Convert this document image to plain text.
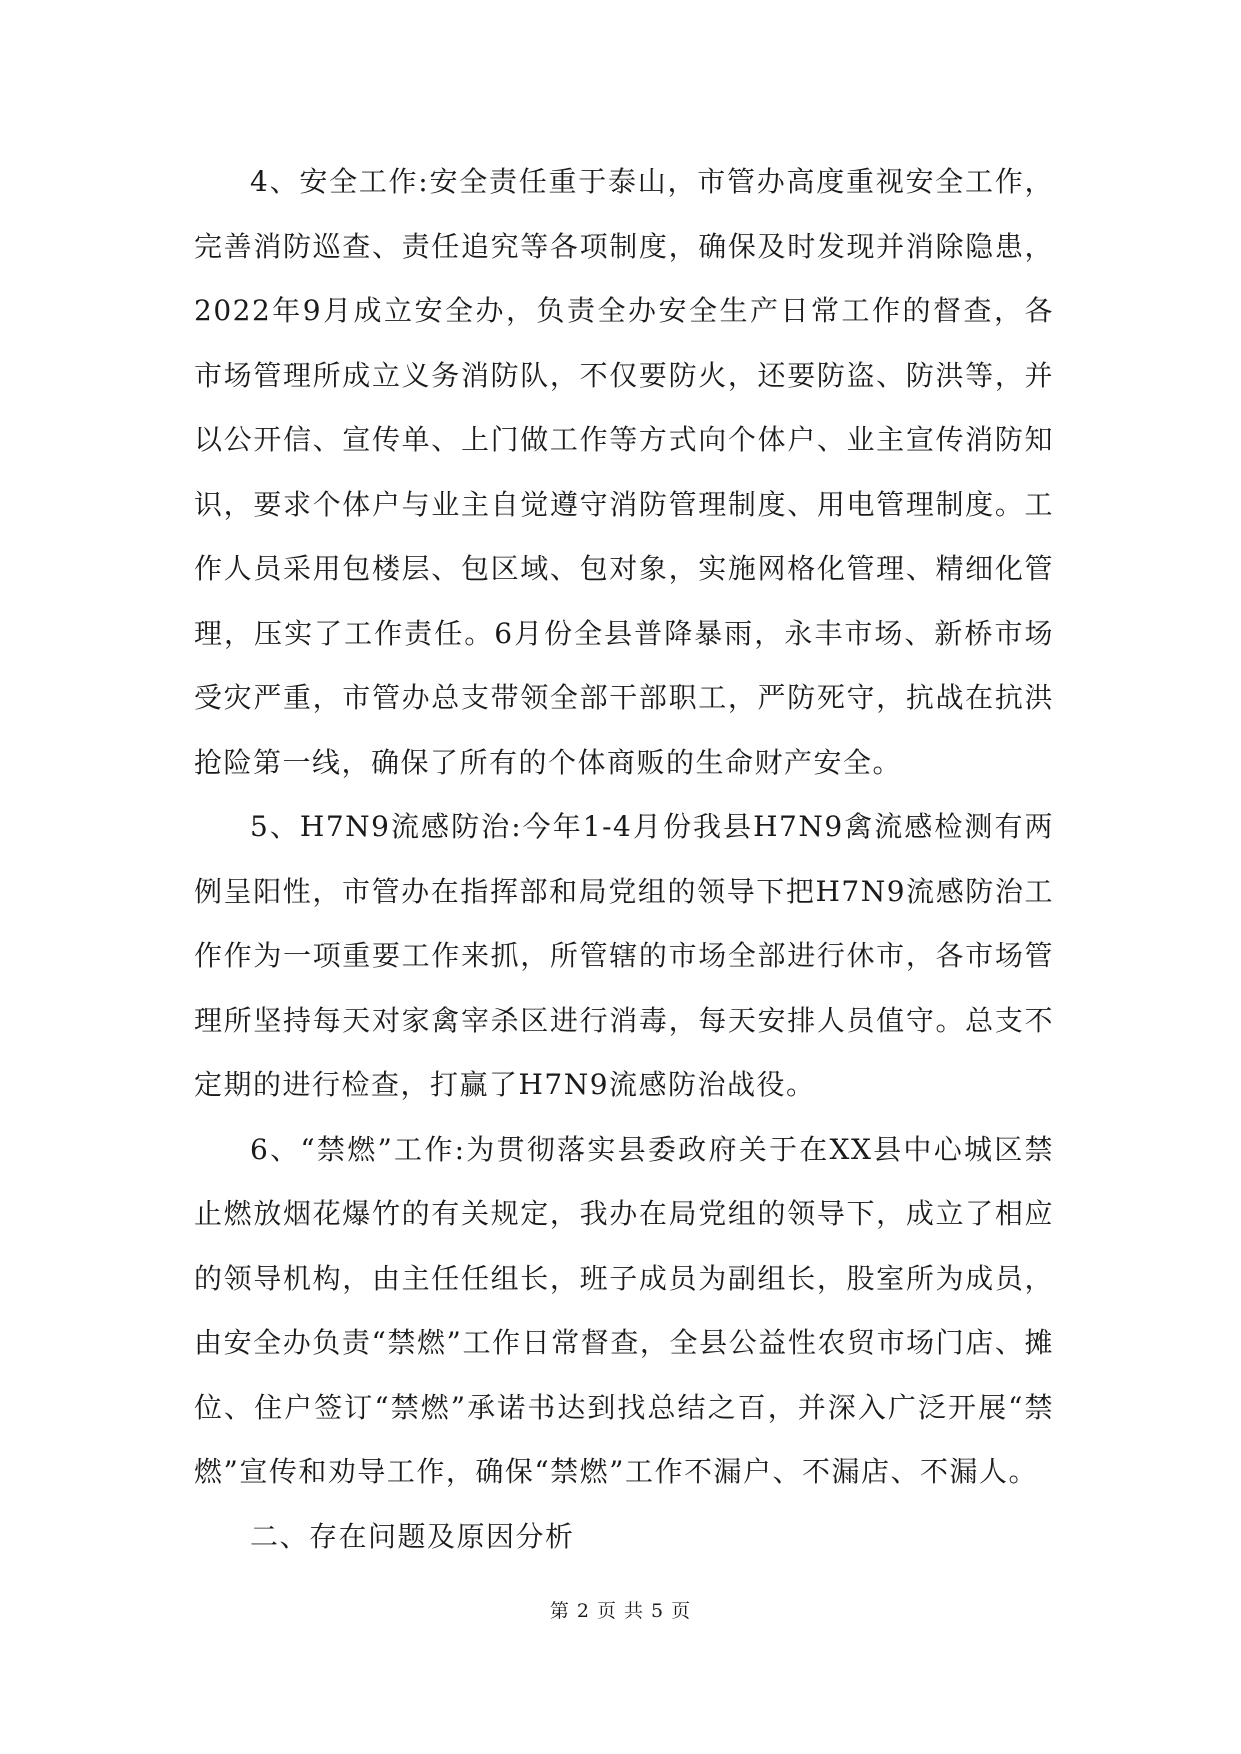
4、安全工作:安全责任重于泰山，市管办高度重视安全工作，完善消防巡查、责任追究等各项制度，确保及时发现并消除隐患，2022年9月成立安全办，负责全办安全生产日常工作的督查，各市场管理所成立义务消防队，不仅要防火，还要防盗、防洪等，并以公开信、宣传单、上门做工作等方式向个体户、业主宣传消防知识，要求个体户与业主自觉遵守消防管理制度、用电管理制度。工作人员采用包楼层、包区域、包对象，实施网格化管理、精细化管理，压实了工作责任。6月份全县普降暴雨，永丰市场、新桥市场受灾严重，市管办总支带领全部干部职工，严防死守，抗战在抗洪抢险第一线，确保了所有的个体商贩的生命财产安全。

5、H7N9流感防治:今年1-4月份我县H7N9禽流感检测有两例呈阳性，市管办在指挥部和局党组的领导下把H7N9流感防治工作作为一项重要工作来抓，所管辖的市场全部进行休市，各市场管理所坚持每天对家禽宰杀区进行消毒，每天安排人员值守。总支不定期的进行检查，打赢了H7N9流感防治战役。

6、“禁燃”工作:为贯彻落实县委政府关于在XX县中心城区禁止燃放烟花爆竹的有关规定，我办在局党组的领导下，成立了相应的领导机构，由主任任组长，班子成员为副组长，股室所为成员，由安全办负责“禁燃”工作日常督查，全县公益性农贸市场门店、摊位、住户签订“禁燃”承诺书达到找总结之百，并深入广泛开展“禁燃”宣传和劝导工作，确保“禁燃”工作不漏户、不漏店、不漏人。

二、存在问题及原因分析

第 2 页 共 5 页
